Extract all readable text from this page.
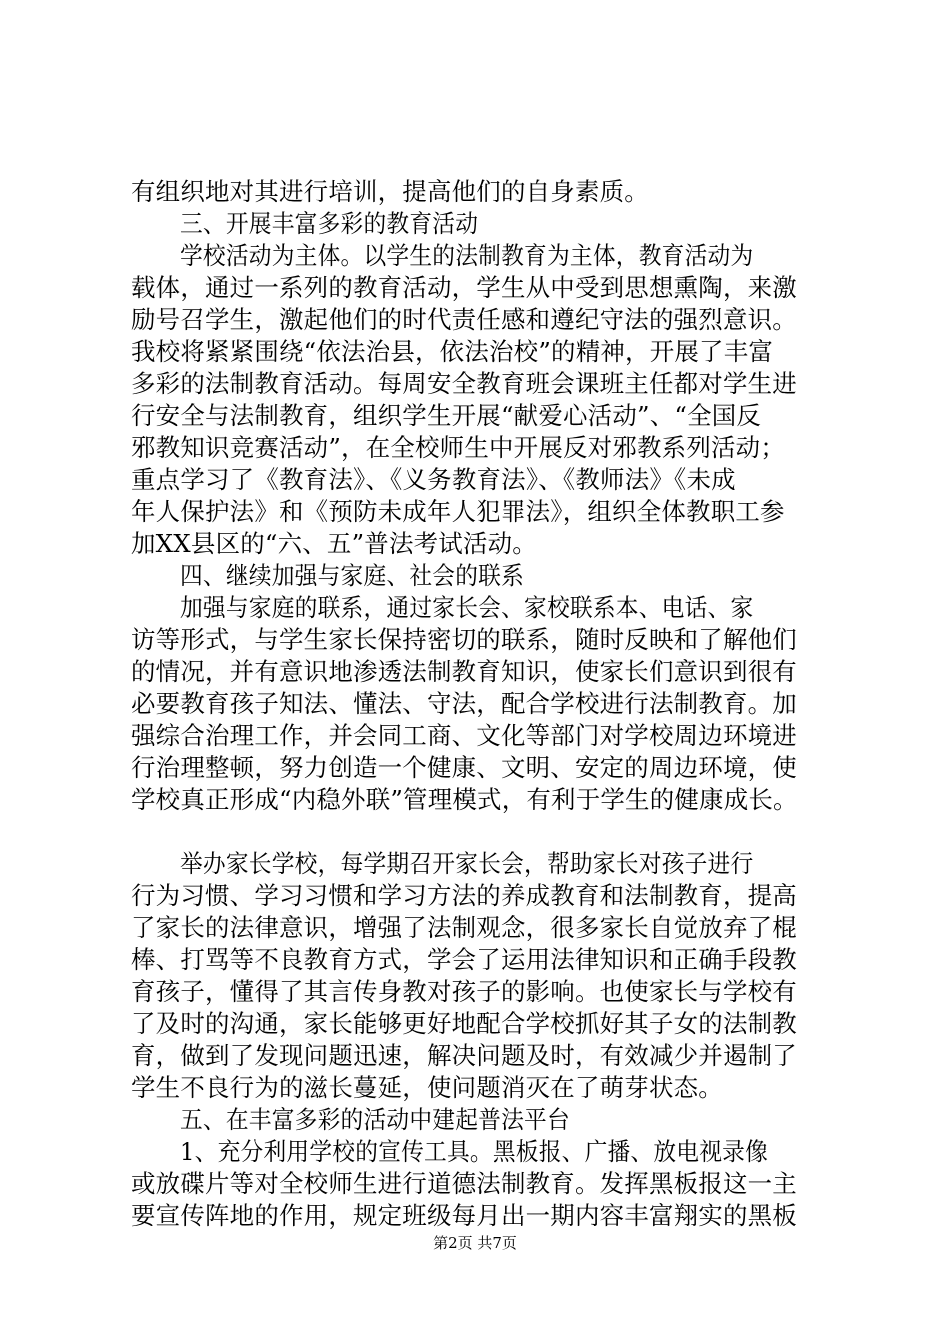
有组织地对其进行培训，提高他们的自身素质。
三、开展丰富多彩的教育活动
学校活动为主体。以学生的法制教育为主体，教育活动为
载体，通过一系列的教育活动，学生从中受到思想熏陶，来激
励号召学生，激起他们的时代责任感和遵纪守法的强烈意识。
我校将紧紧围绕“依法治县，依法治校”的精神，开展了丰富
多彩的法制教育活动。每周安全教育班会课班主任都对学生进
行安全与法制教育，组织学生开展“献爱心活动”、“全国反
邪教知识竞赛活动”，在全校师生中开展反对邪教系列活动；
重点学习了《教育法》、《义务教育法》、《教师法》《未成
年人保护法》和《预防未成年人犯罪法》，组织全体教职工参
加XX县区的“六、五”普法考试活动。
四、继续加强与家庭、社会的联系
加强与家庭的联系，通过家长会、家校联系本、电话、家
访等形式，与学生家长保持密切的联系，随时反映和了解他们
的情况，并有意识地渗透法制教育知识，使家长们意识到很有
必要教育孩子知法、懂法、守法，配合学校进行法制教育。加
强综合治理工作，并会同工商、文化等部门对学校周边环境进
行治理整顿，努力创造一个健康、文明、安定的周边环境，使
学校真正形成“内稳外联”管理模式，有利于学生的健康成长。
举办家长学校，每学期召开家长会，帮助家长对孩子进行
行为习惯、学习习惯和学习方法的养成教育和法制教育，提高
了家长的法律意识，增强了法制观念，很多家长自觉放弃了棍
棒、打骂等不良教育方式，学会了运用法律知识和正确手段教
育孩子，懂得了其言传身教对孩子的影响。也使家长与学校有
了及时的沟通，家长能够更好地配合学校抓好其子女的法制教
育，做到了发现问题迅速，解决问题及时，有效减少并遏制了
学生不良行为的滋长蔓延，使问题消灭在了萌芽状态。
五、在丰富多彩的活动中建起普法平台
1、充分利用学校的宣传工具。黑板报、广播、放电视录像
或放碟片等对全校师生进行道德法制教育。发挥黑板报这一主
要宣传阵地的作用，规定班级每月出一期内容丰富翔实的黑板
第2页 共7页
